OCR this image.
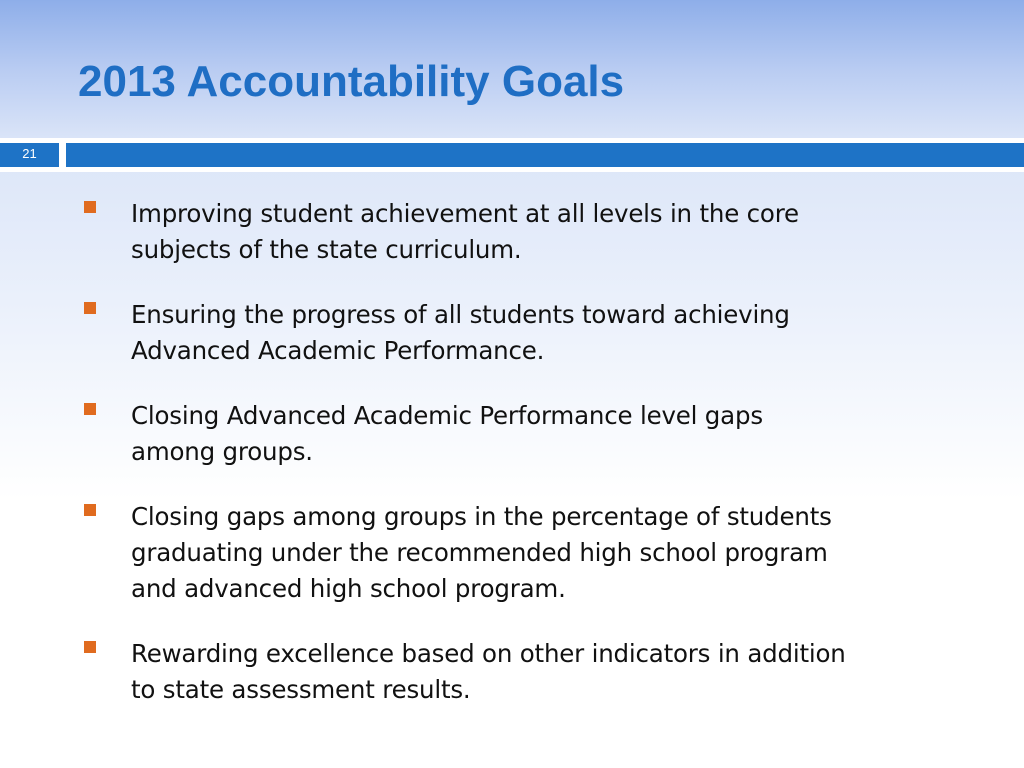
2013 Accountability Goals
21
Improving student achievement at all levels in the core
subjects of the state curriculum.
Ensuring the progress of all students toward achieving
Advanced Academic Performance.
Closing Advanced Academic Performance level gaps
among groups.
Closing gaps among groups in the percentage of students
graduating under the recommended high school program
and advanced high school program.
Rewarding excellence based on other indicators in addition
to state assessment results.
